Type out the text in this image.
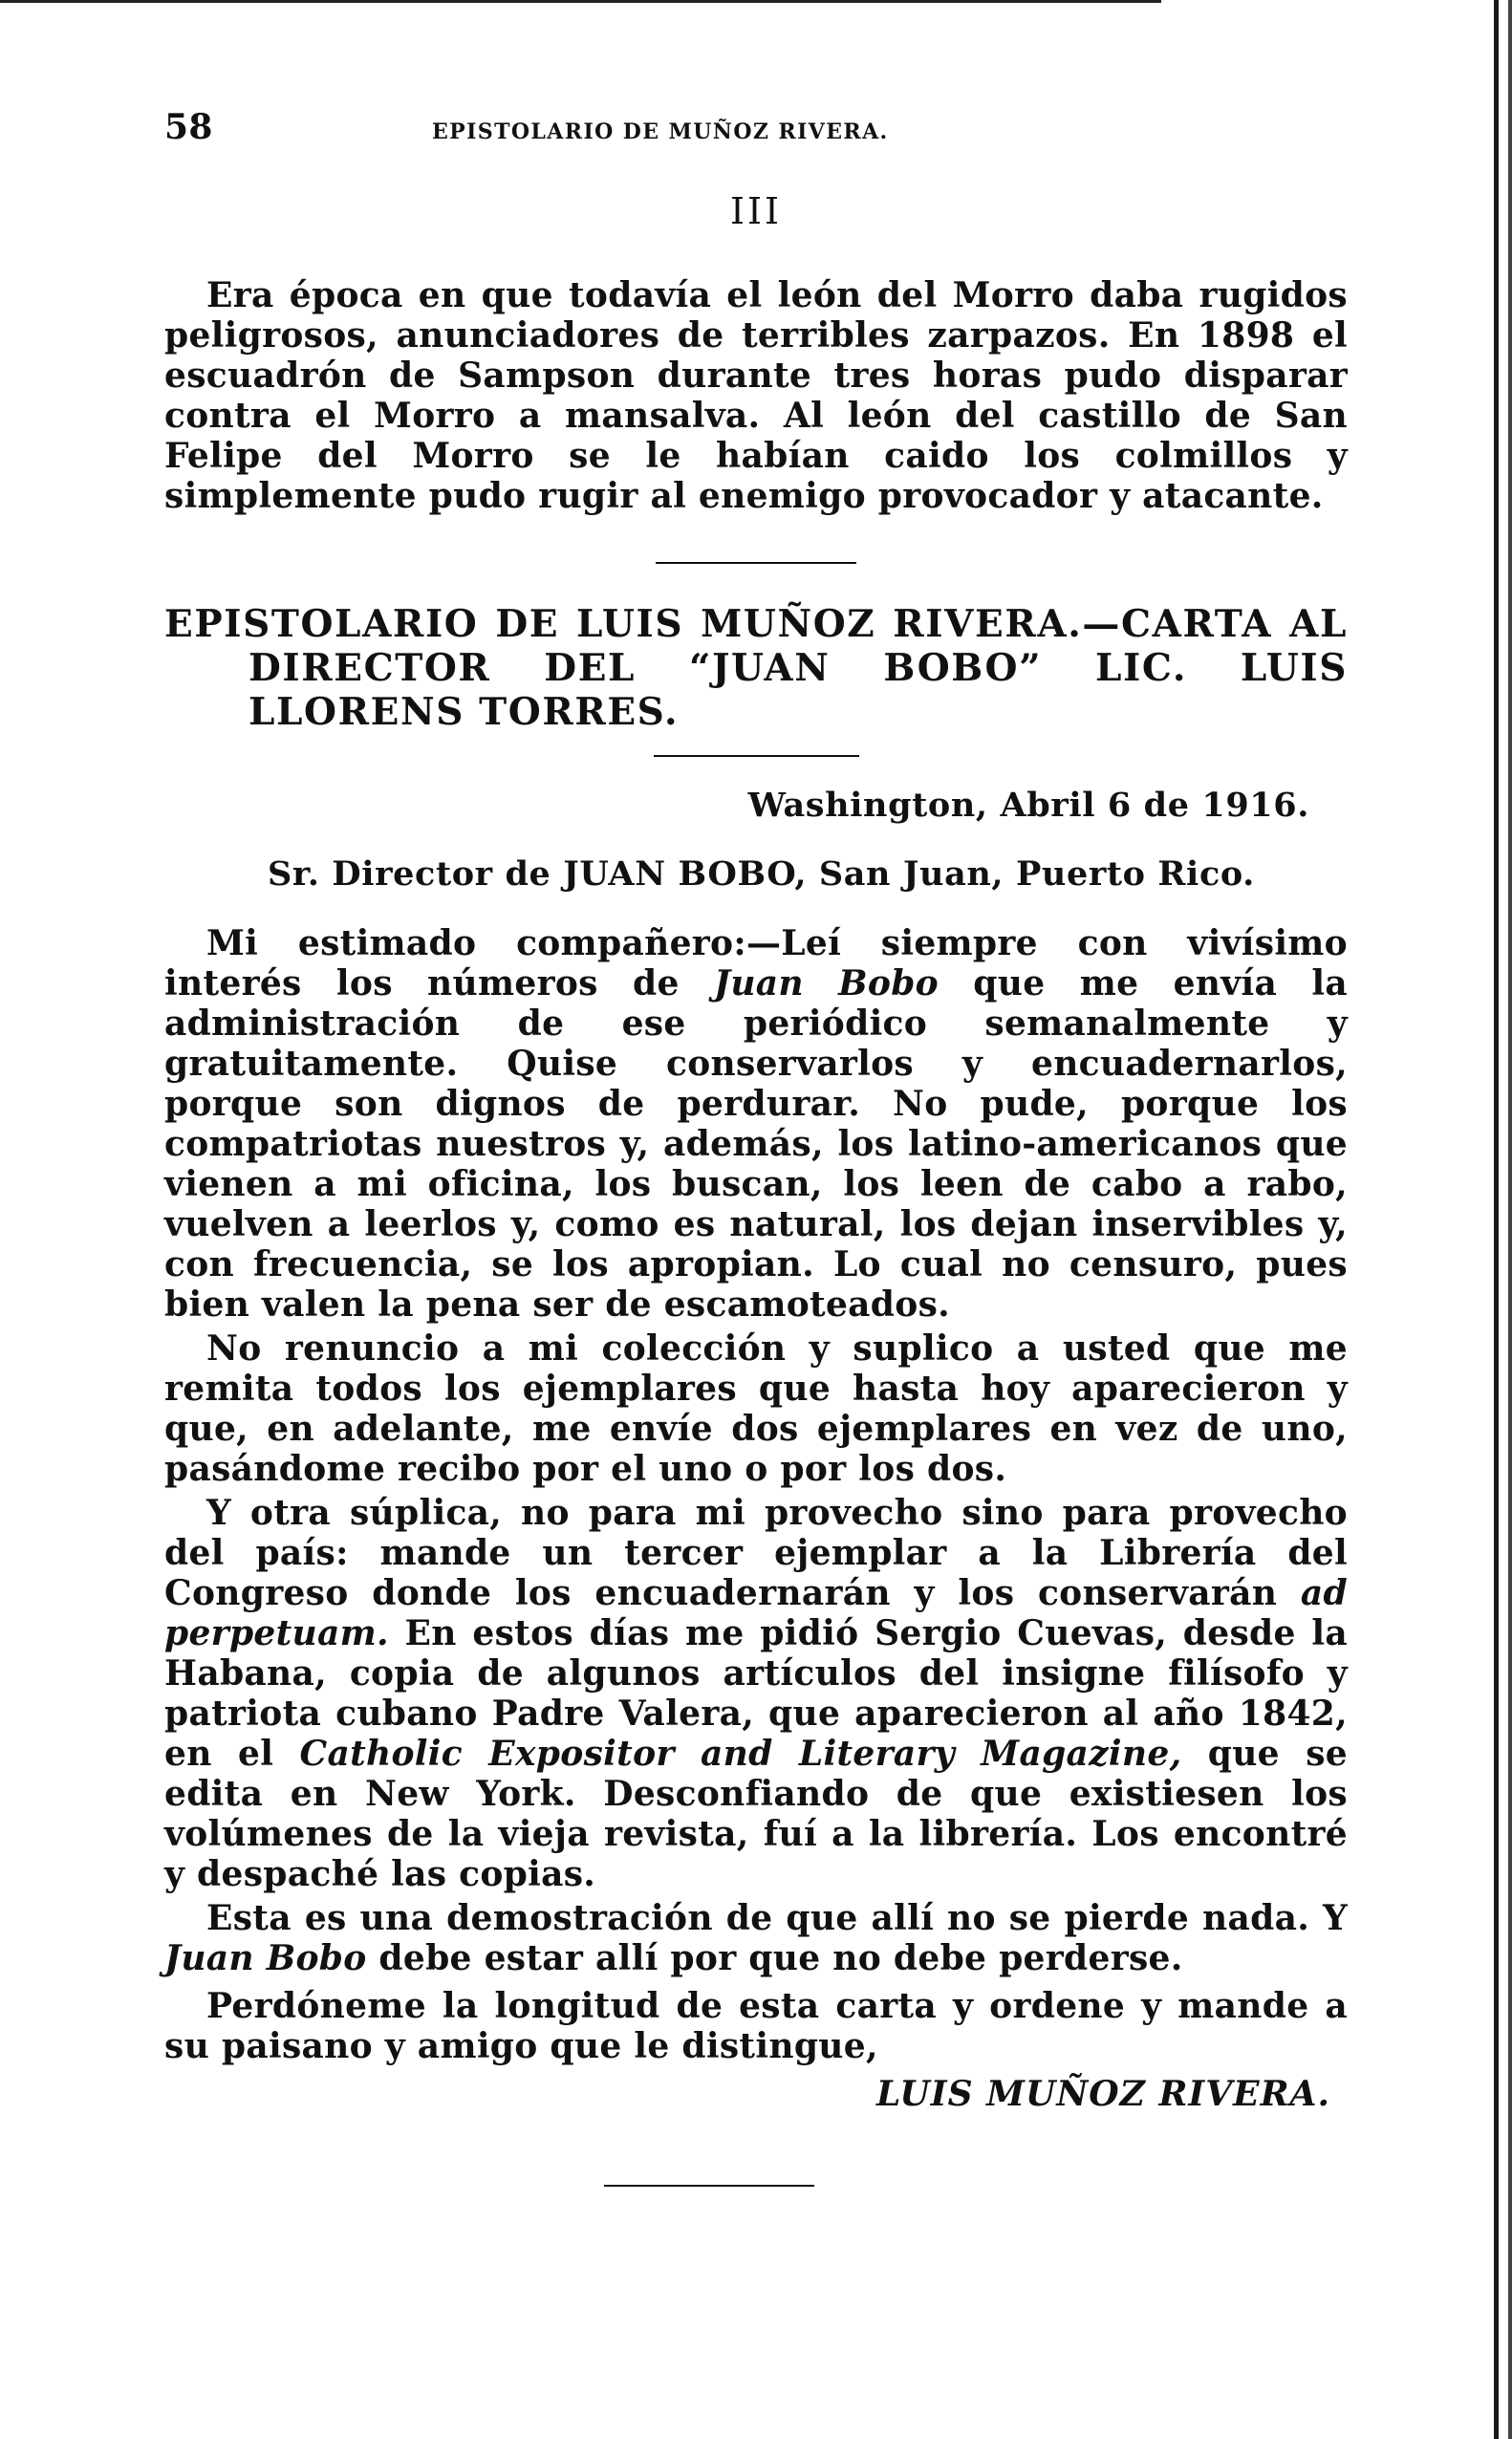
58	EPISTOLARIO DE MUÑOZ RIVERA.
III

Era época en que todavía el león del Morro daba rugidos peligrosos, anunciadores de terribles zarpazos. En 1898 el escuadrón de Sampson durante tres horas pudo disparar contra el Morro a mansalva. Al león del castillo de San Felipe del Morro se le habían caido los colmillos y simplemente pudo rugir al enemigo provocador y atacante.

EPISTOLARIO DE LUIS MUÑOZ RIVERA.—CARTA AL DIRECTOR DEL “JUAN BOBO” LIC. LUIS LLORENS TORRES.

Washington, Abril 6 de 1916.
Sr. Director de JUAN BOBO, San Juan, Puerto Rico.

Mi estimado compañero:—Leí siempre con vivísimo interés los números de Juan Bobo que me envía la administración de ese periódico semanalmente y gratuitamente. Quise conservarlos y encuadernarlos, porque son dignos de perdurar. No pude, porque los compatriotas nuestros y, además, los latino-americanos que vienen a mi oficina, los buscan, los leen de cabo a rabo, vuelven a leerlos y, como es natural, los dejan inservibles y, con frecuencia, se los apropian. Lo cual no censuro, pues bien valen la pena ser de escamoteados.

No renuncio a mi colección y suplico a usted que me remita todos los ejemplares que hasta hoy aparecieron y que, en adelante, me envíe dos ejemplares en vez de uno, pasándome recibo por el uno o por los dos.

Y otra súplica, no para mi provecho sino para provecho del país: mande un tercer ejemplar a la Librería del Congreso donde los encuadernarán y los conservarán ad perpetuam. En estos días me pidió Sergio Cuevas, desde la Habana, copia de algunos artículos del insigne filísofo y patriota cubano Padre Valera, que aparecieron al año 1842, en el Catholic Expositor and Literary Magazine, que se edita en New York. Desconfiando de que existiesen los volúmenes de la vieja revista, fuí a la librería. Los encontré y despaché las copias.

Esta es una demostración de que allí no se pierde nada. Y Juan Bobo debe estar allí por que no debe perderse.

Perdóneme la longitud de esta carta y ordene y mande a su paisano y amigo que le distingue,

LUIS MUÑOZ RIVERA.
